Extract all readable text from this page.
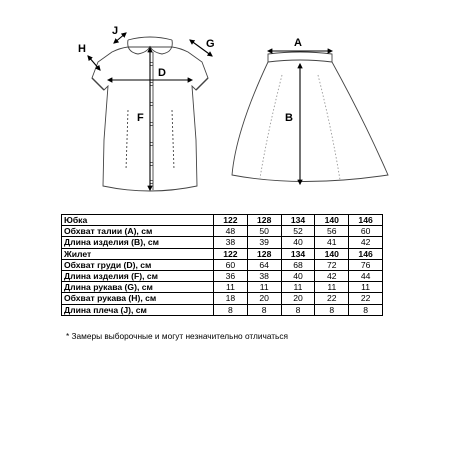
J
H	G
D
F
A
B
Юбка	122	128	134	140	146
Обхват талии (A), см	48	50	52	56	60
Длина изделия (B), см	38	39	40	41	42
Жилет	122	128	134	140	146
Обхват груди (D), см	60	64	68	72	76
Длина изделия (F), см	36	38	40	42	44
Длина рукава (G), см	11	11	11	11	11
Обхват рукава (H), см	18	20	20	22	22
Длина плеча (J), см	8	8	8	8	8
* Замеры выборочные и могут незначительно отличаться
